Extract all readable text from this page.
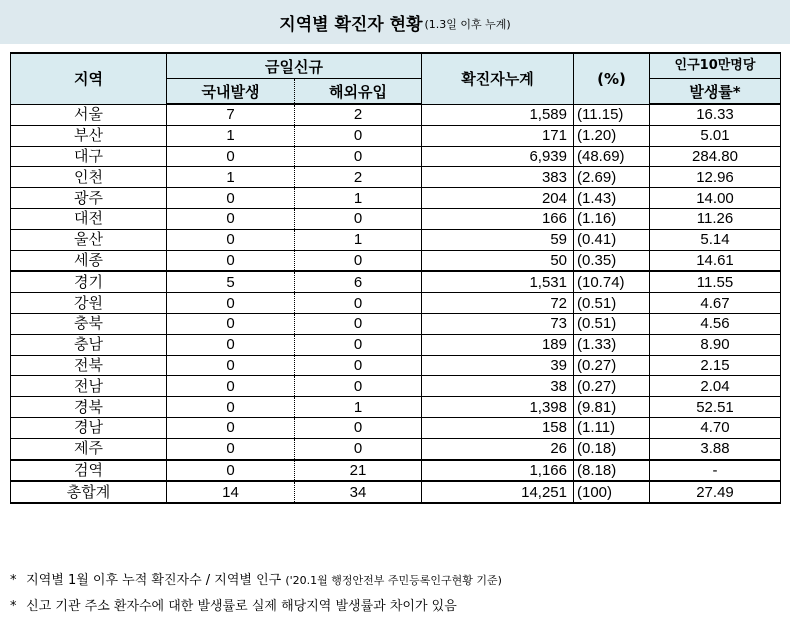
지역별 확진자 현황 (1.3일 이후 누계)
지역	금일신규		확진자누계	(%)	인구10만명당
	국내발생	해외유입			발생률*
서울	7	2	1,589	(11.15)	16.33
부산	1	0	171	(1.20)	5.01
대구	0	0	6,939	(48.69)	284.80
인천	1	2	383	(2.69)	12.96
광주	0	1	204	(1.43)	14.00
대전	0	0	166	(1.16)	11.26
울산	0	1	59	(0.41)	5.14
세종	0	0	50	(0.35)	14.61
경기	5	6	1,531	(10.74)	11.55
강원	0	0	72	(0.51)	4.67
충북	0	0	73	(0.51)	4.56
충남	0	0	189	(1.33)	8.90
전북	0	0	39	(0.27)	2.15
전남	0	0	38	(0.27)	2.04
경북	0	1	1,398	(9.81)	52.51
경남	0	0	158	(1.11)	4.70
제주	0	0	26	(0.18)	3.88
검역	0	21	1,166	(8.18)	-
총합계	14	34	14,251	(100)	27.49
* 지역별 1월 이후 누적 확진자수 / 지역별 인구 ('20.1월 행정안전부 주민등록인구현황 기준)
* 신고 기관 주소 환자수에 대한 발생률로 실제 해당지역 발생률과 차이가 있음
